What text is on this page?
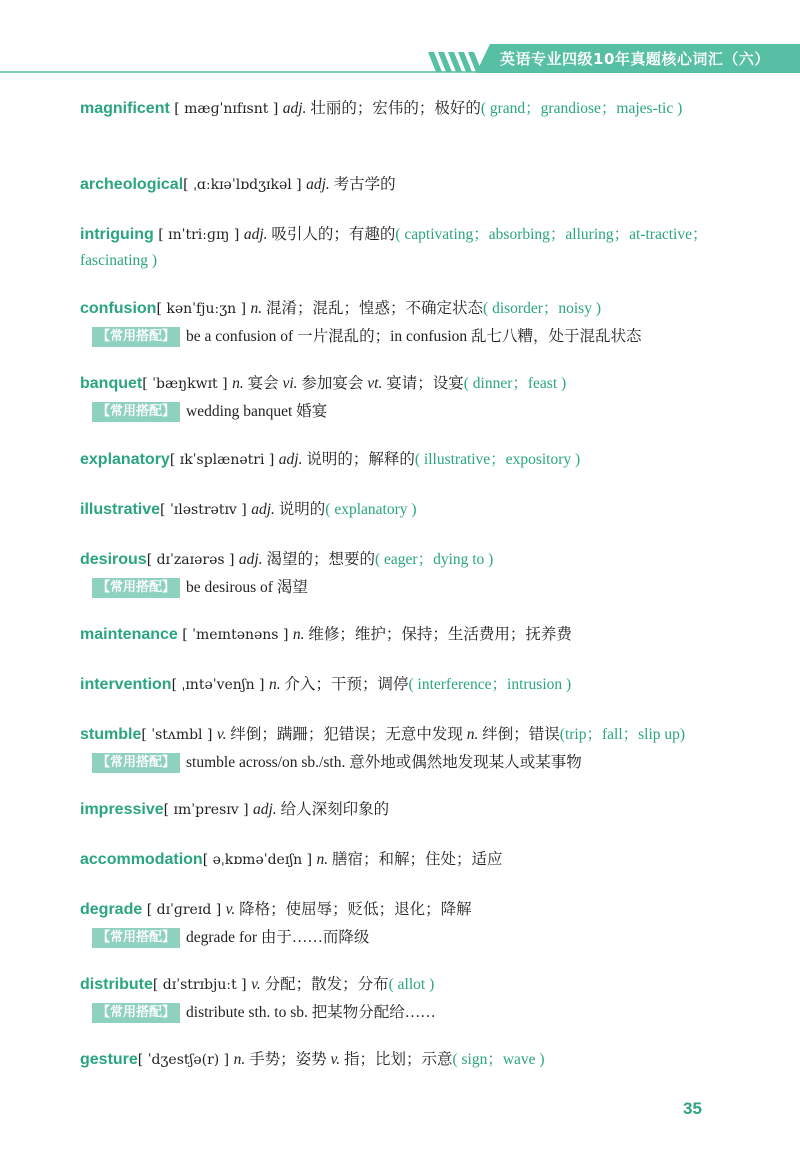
英语专业四级10年真题核心词汇（六）
magnificent [ mæɡˈnɪfɪsnt ] adj. 壮丽的；宏伟的；极好的( grand；grandiose；majes-tic )
archeological[ ˌɑːkɪəˈlɒdʒɪkəl ] adj. 考古学的
intriguing [ ɪnˈtriːɡɪŋ ] adj. 吸引人的；有趣的( captivating；absorbing；alluring；at-tractive；fascinating )
confusion[ kənˈfjuːʒn ] n. 混淆；混乱；惶惑；不确定状态( disorder；noisy )
【常用搭配】 be a confusion of 一片混乱的；in confusion 乱七八糟，处于混乱状态
banquet[ ˈbæŋkwɪt ] n. 宴会 vi. 参加宴会 vt. 宴请；设宴( dinner；feast )
【常用搭配】 wedding banquet 婚宴
explanatory[ ɪkˈsplænətri ] adj. 说明的；解释的( illustrative；expository )
illustrative[ ˈɪləstrətɪv ] adj. 说明的( explanatory )
desirous[ dɪˈzaɪərəs ] adj. 渴望的；想要的( eager；dying to )
【常用搭配】 be desirous of 渴望
maintenance [ ˈmeɪntənəns ] n. 维修；维护；保持；生活费用；抚养费
intervention[ ˌɪntəˈvenʃn ] n. 介入；干预；调停( interference；intrusion )
stumble[ ˈstʌmbl ] v. 绊倒；蹒跚；犯错误；无意中发现 n. 绊倒；错误(trip；fall；slip up)
【常用搭配】 stumble across/on sb./sth. 意外地或偶然地发现某人或某事物
impressive[ ɪmˈpresɪv ] adj. 给人深刻印象的
accommodation[ əˌkɒməˈdeɪʃn ] n. 膳宿；和解；住处；适应
degrade [ dɪˈɡreɪd ] v. 降格；使屈辱；贬低；退化；降解
【常用搭配】 degrade for 由于……而降级
distribute[ dɪˈstrɪbjuːt ] v. 分配；散发；分布( allot )
【常用搭配】 distribute sth. to sb. 把某物分配给……
gesture[ ˈdʒestʃə(r) ] n. 手势；姿势 v. 指；比划；示意( sign；wave )
35
